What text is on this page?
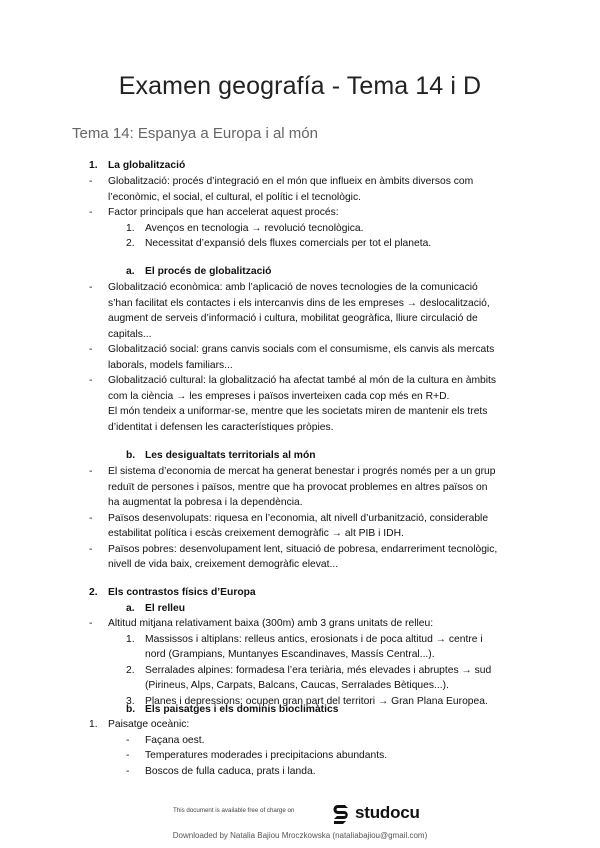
Examen geografía - Tema 14 i D
Tema 14: Espanya a Europa i al món
1. La globalització
- Globalització: procés d’integració en el món que influeix en àmbits diversos com
l’econòmic, el social, el cultural, el polític i el tecnològic.
- Factor principals que han accelerat aquest procés:
1. Avenços en tecnologia → revolució tecnològica.
2. Necessitat d’expansió dels fluxes comercials per tot el planeta.
a. El procés de globalització
- Globalització econòmica: amb l’aplicació de noves tecnologies de la comunicació
s’han facilitat els contactes i els intercanvis dins de les empreses → deslocalització,
augment de serveis d’informació i cultura, mobilitat geogràfica, lliure circulació de
capitals...
- Globalització social: grans canvis socials com el consumisme, els canvis als mercats
laborals, models familiars...
- Globalització cultural: la globalització ha afectat també al món de la cultura en àmbits
com la ciència → les empreses i països inverteixen cada cop més en R+D.
El món tendeix a uniformar-se, mentre que les societats miren de mantenir els trets
d’identitat i defensen les característiques pròpies.
b. Les desigualtats territorials al món
- El sistema d’economia de mercat ha generat benestar i progrés només per a un grup
reduït de persones i països, mentre que ha provocat problemes en altres països on
ha augmentat la pobresa i la dependència.
- Països desenvolupats: riquesa en l’economia, alt nivell d’urbanització, considerable
estabilitat política i escàs creixement demogràfic → alt PIB i IDH.
- Països pobres: desenvolupament lent, situació de pobresa, endarreriment tecnològic,
nivell de vida baix, creixement demogràfic elevat...
2. Els contrastos físics d’Europa
a. El relleu
- Altitud mitjana relativament baixa (300m) amb 3 grans unitats de relleu:
1. Massissos i altiplans: relleus antics, erosionats i de poca altitud → centre i
nord (Grampians, Muntanyes Escandinaves, Massís Central...).
2. Serralades alpines: formadesa l’era teriària, més elevades i abruptes → sud
(Pirineus, Alps, Carpats, Balcans, Caucas, Serralades Bètiques...).
3. Planes i depressions: ocupen gran part del territori → Gran Plana Europea.
b. Els paisatges i els dominis bioclimàtics
1. Paisatge oceànic:
- Façana oest.
- Temperatures moderades i precipitacions abundants.
- Boscos de fulla caduca, prats i landa.
This document is available free of charge on	studocu
Downloaded by Natalia Bajiou Mroczkowska (nataliabajiou@gmail.com)
